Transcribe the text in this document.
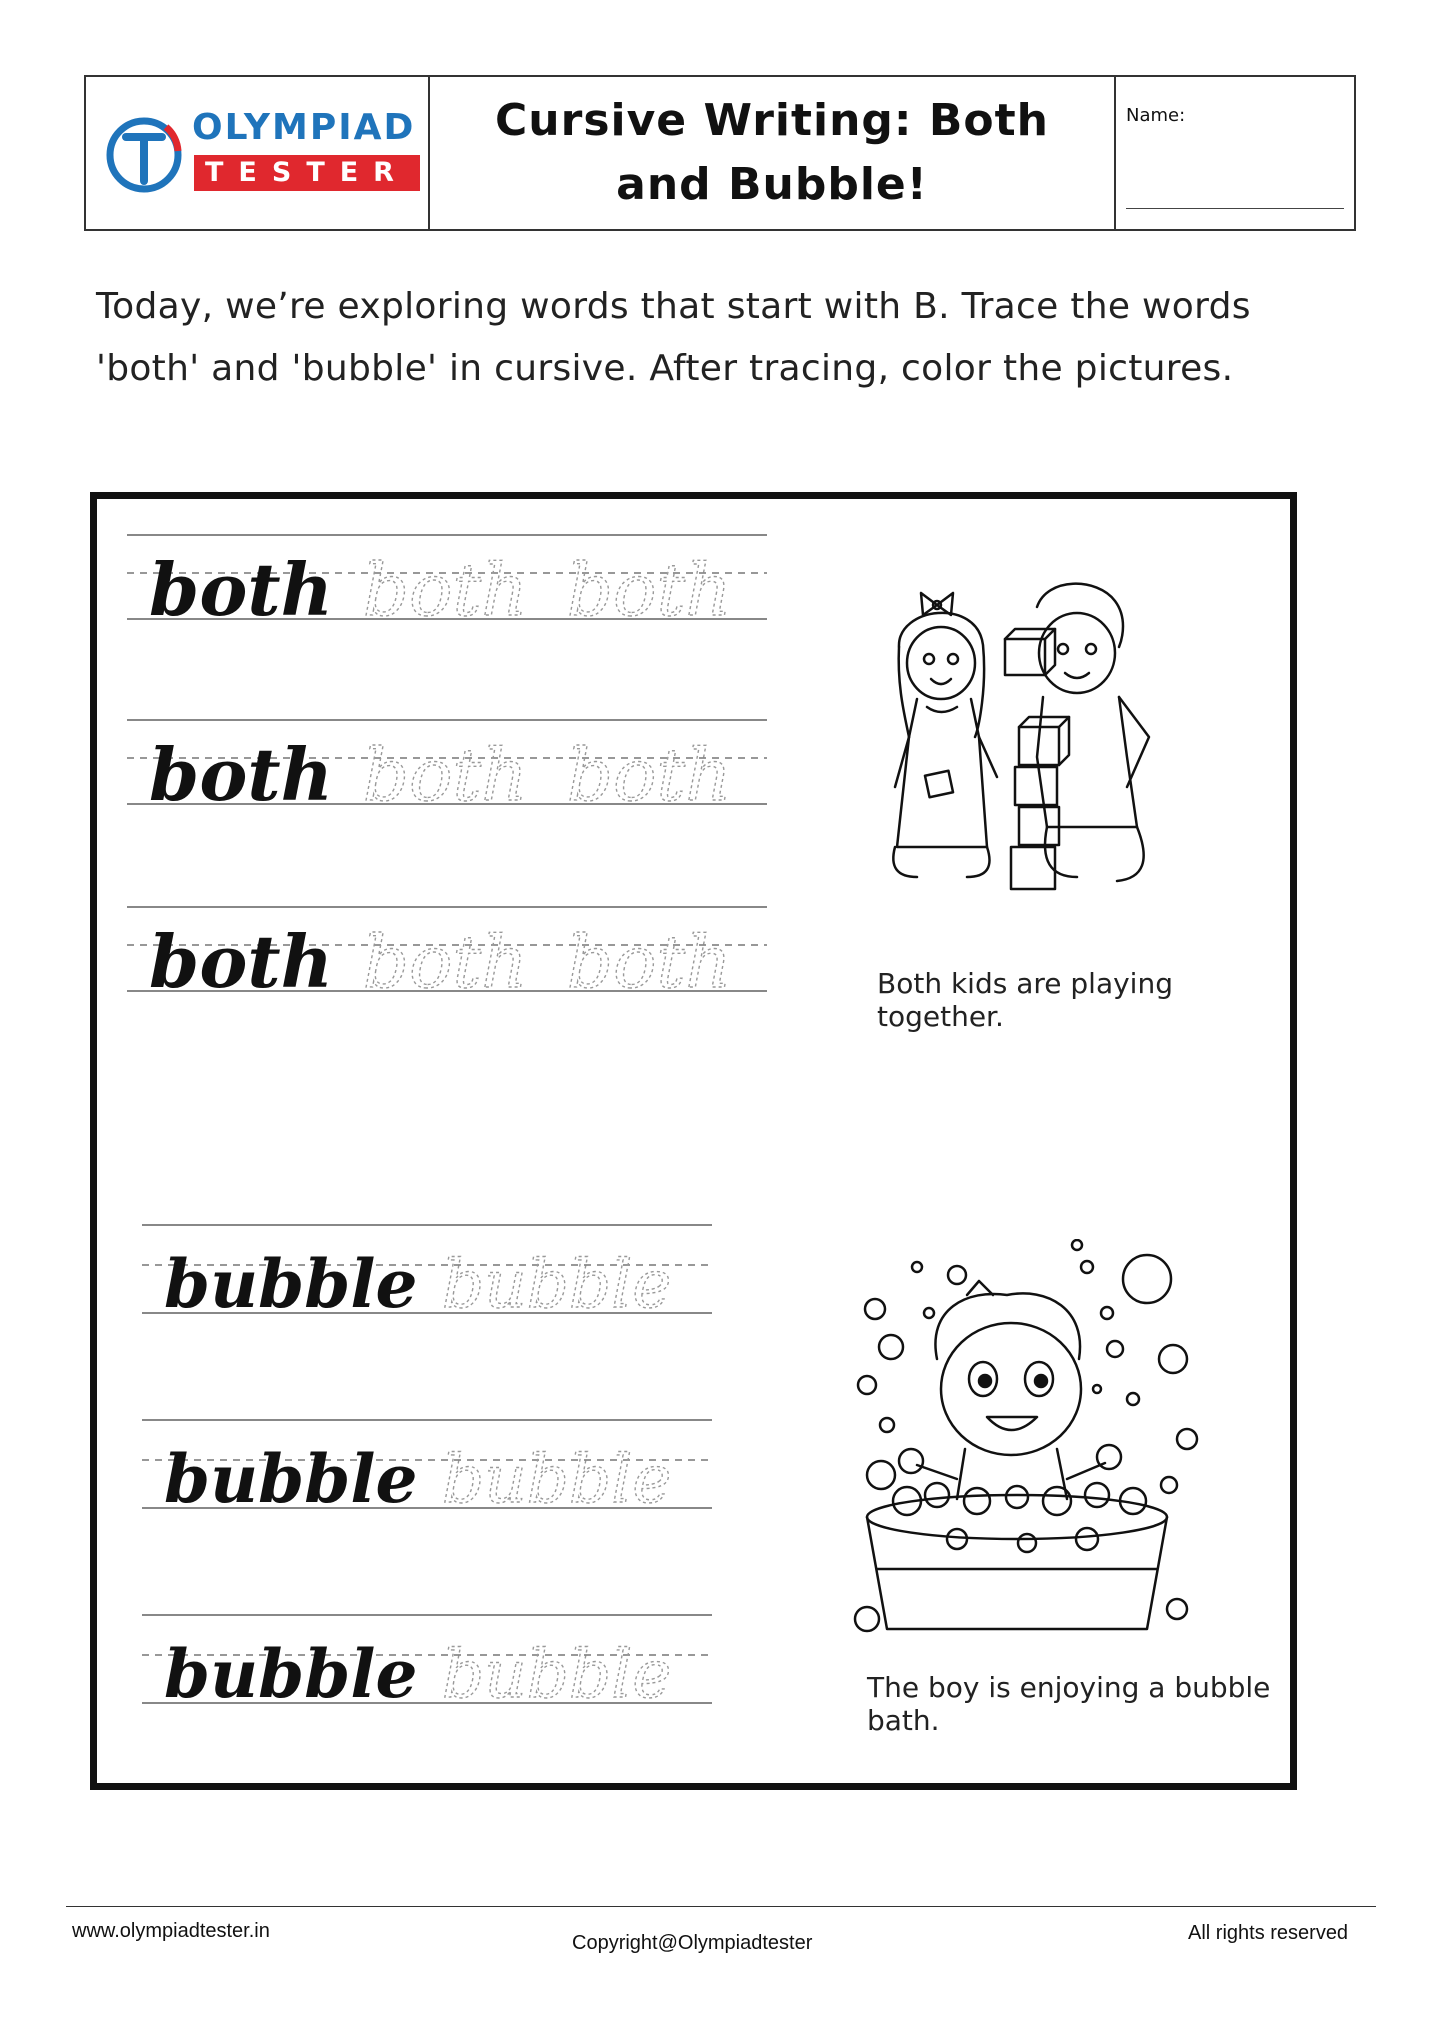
OLYMPIAD
TESTER
Cursive Writing: Both and Bubble!
Name:
Today, we’re exploring words that start with B. Trace the words 'both' and 'bubble' in cursive. After tracing, color the pictures.
both both both
both both both
both both both
bubble bubble
bubble bubble
bubble bubble
Both kids are playing together.
The boy is enjoying a bubble bath.
www.olympiadtester.in
Copyright@Olympiadtester	All rights reserved
